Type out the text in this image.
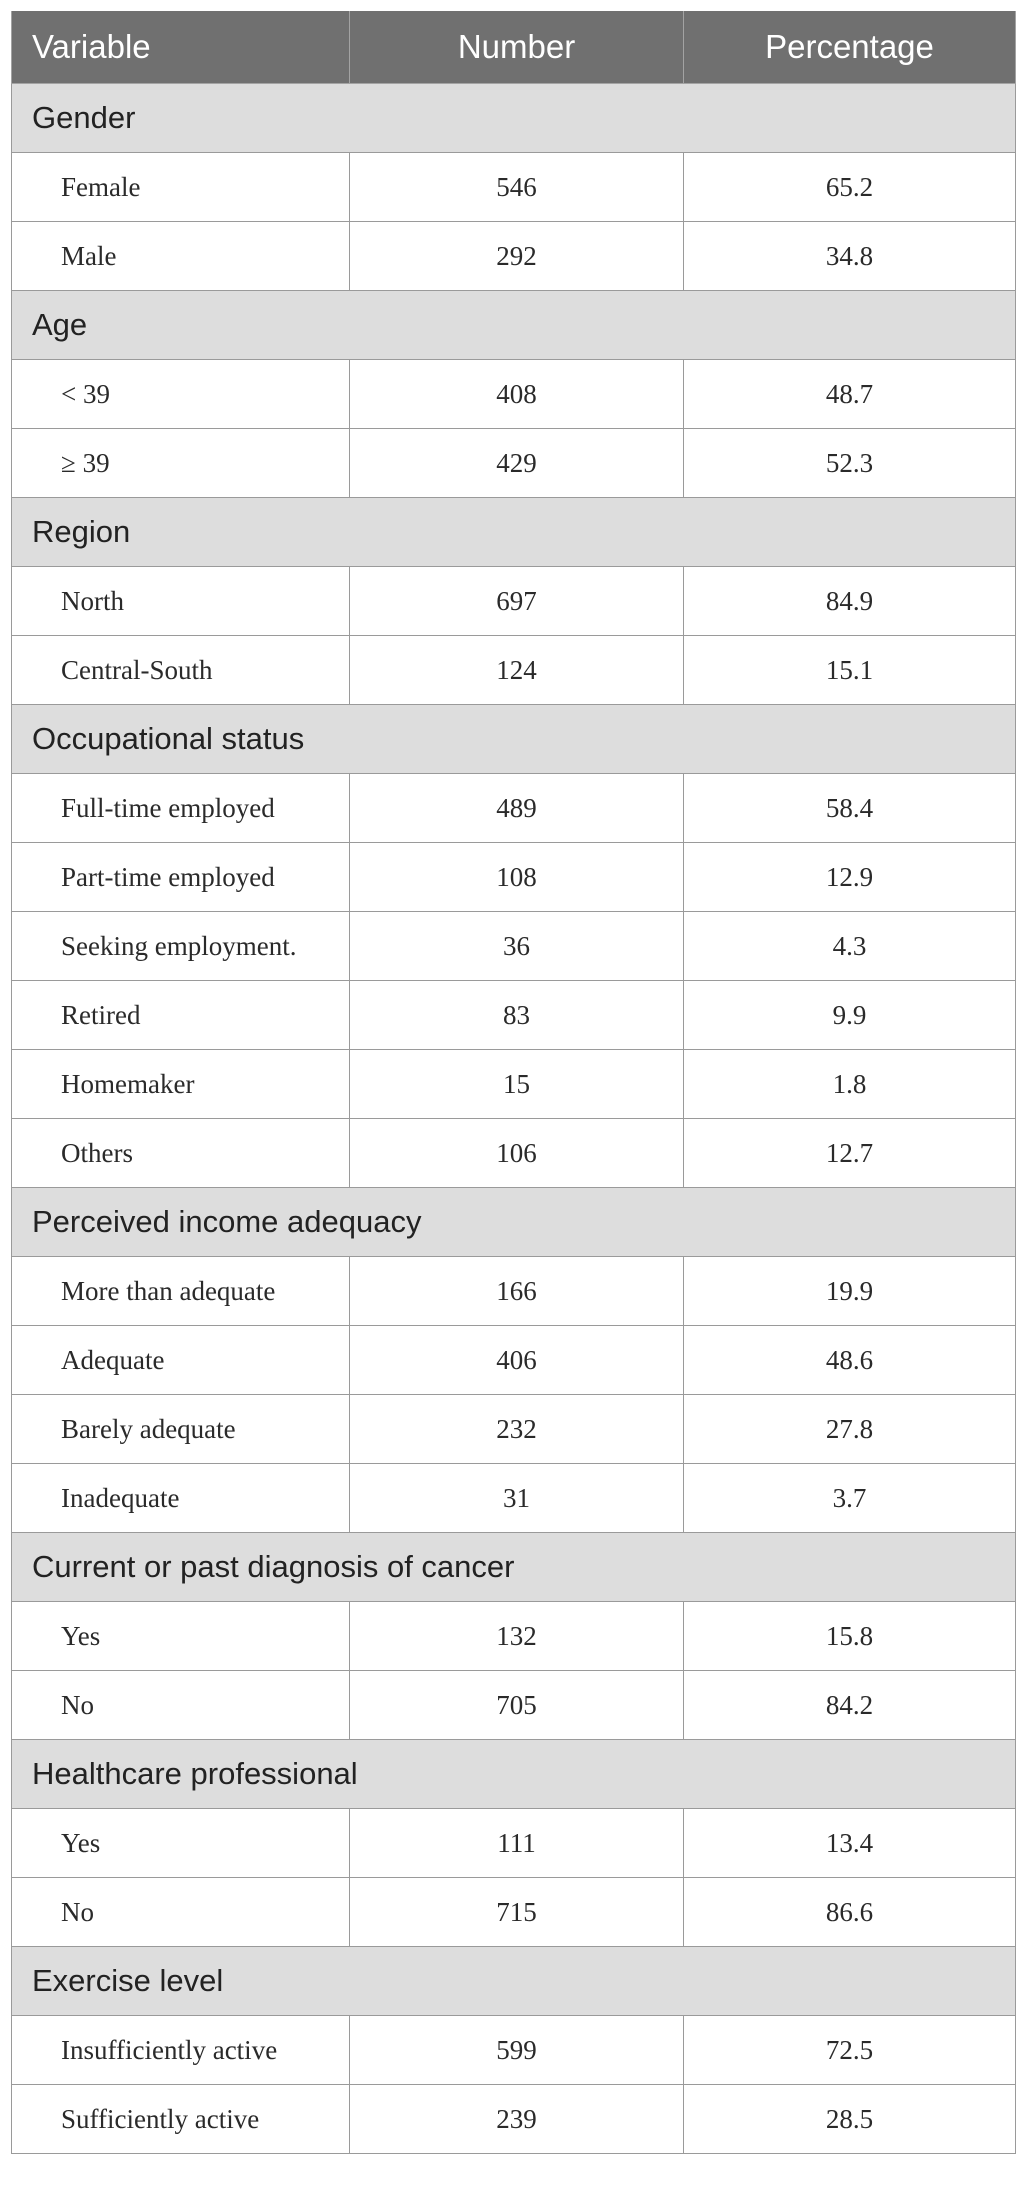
Variable	Number	Percentage
Gender		
Female	546	65.2
Male	292	34.8
Age		
< 39	408	48.7
≥ 39	429	52.3
Region		
North	697	84.9
Central-South	124	15.1
Occupational status		
Full-time employed	489	58.4
Part-time employed	108	12.9
Seeking employment.	36	4.3
Retired	83	9.9
Homemaker	15	1.8
Others	106	12.7
Perceived income adequacy		
More than adequate	166	19.9
Adequate	406	48.6
Barely adequate	232	27.8
Inadequate	31	3.7
Current or past diagnosis of cancer		
Yes	132	15.8
No	705	84.2
Healthcare professional		
Yes	111	13.4
No	715	86.6
Exercise level		
Insufficiently active	599	72.5
Sufficiently active	239	28.5
